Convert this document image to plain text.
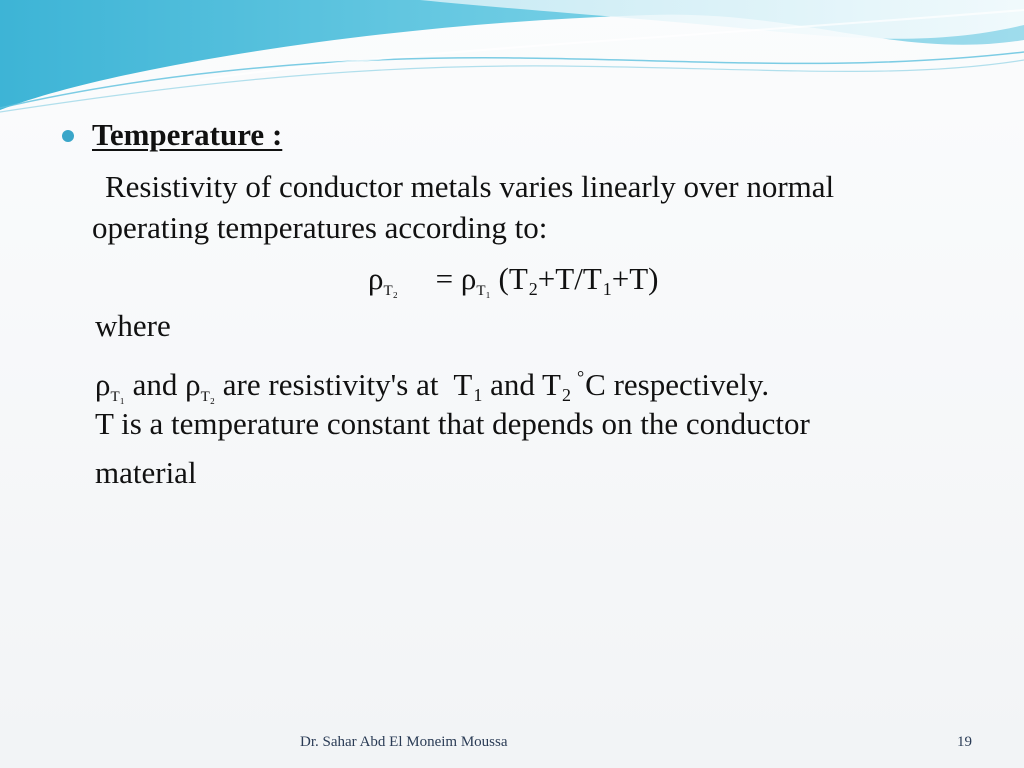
Temperature :
Resistivity of conductor metals varies linearly over normal
operating temperatures according to:
ρT₂ = ρT₁ $(T_2+T/T_1+T)$
where
ρT₁ and ρT₂ are resistivity's at  $T_1$ and $T_2^\circ C$ respectively.
T is a temperature constant that depends on the conductor
material
Dr. Sahar Abd El Moneim Moussa	19
